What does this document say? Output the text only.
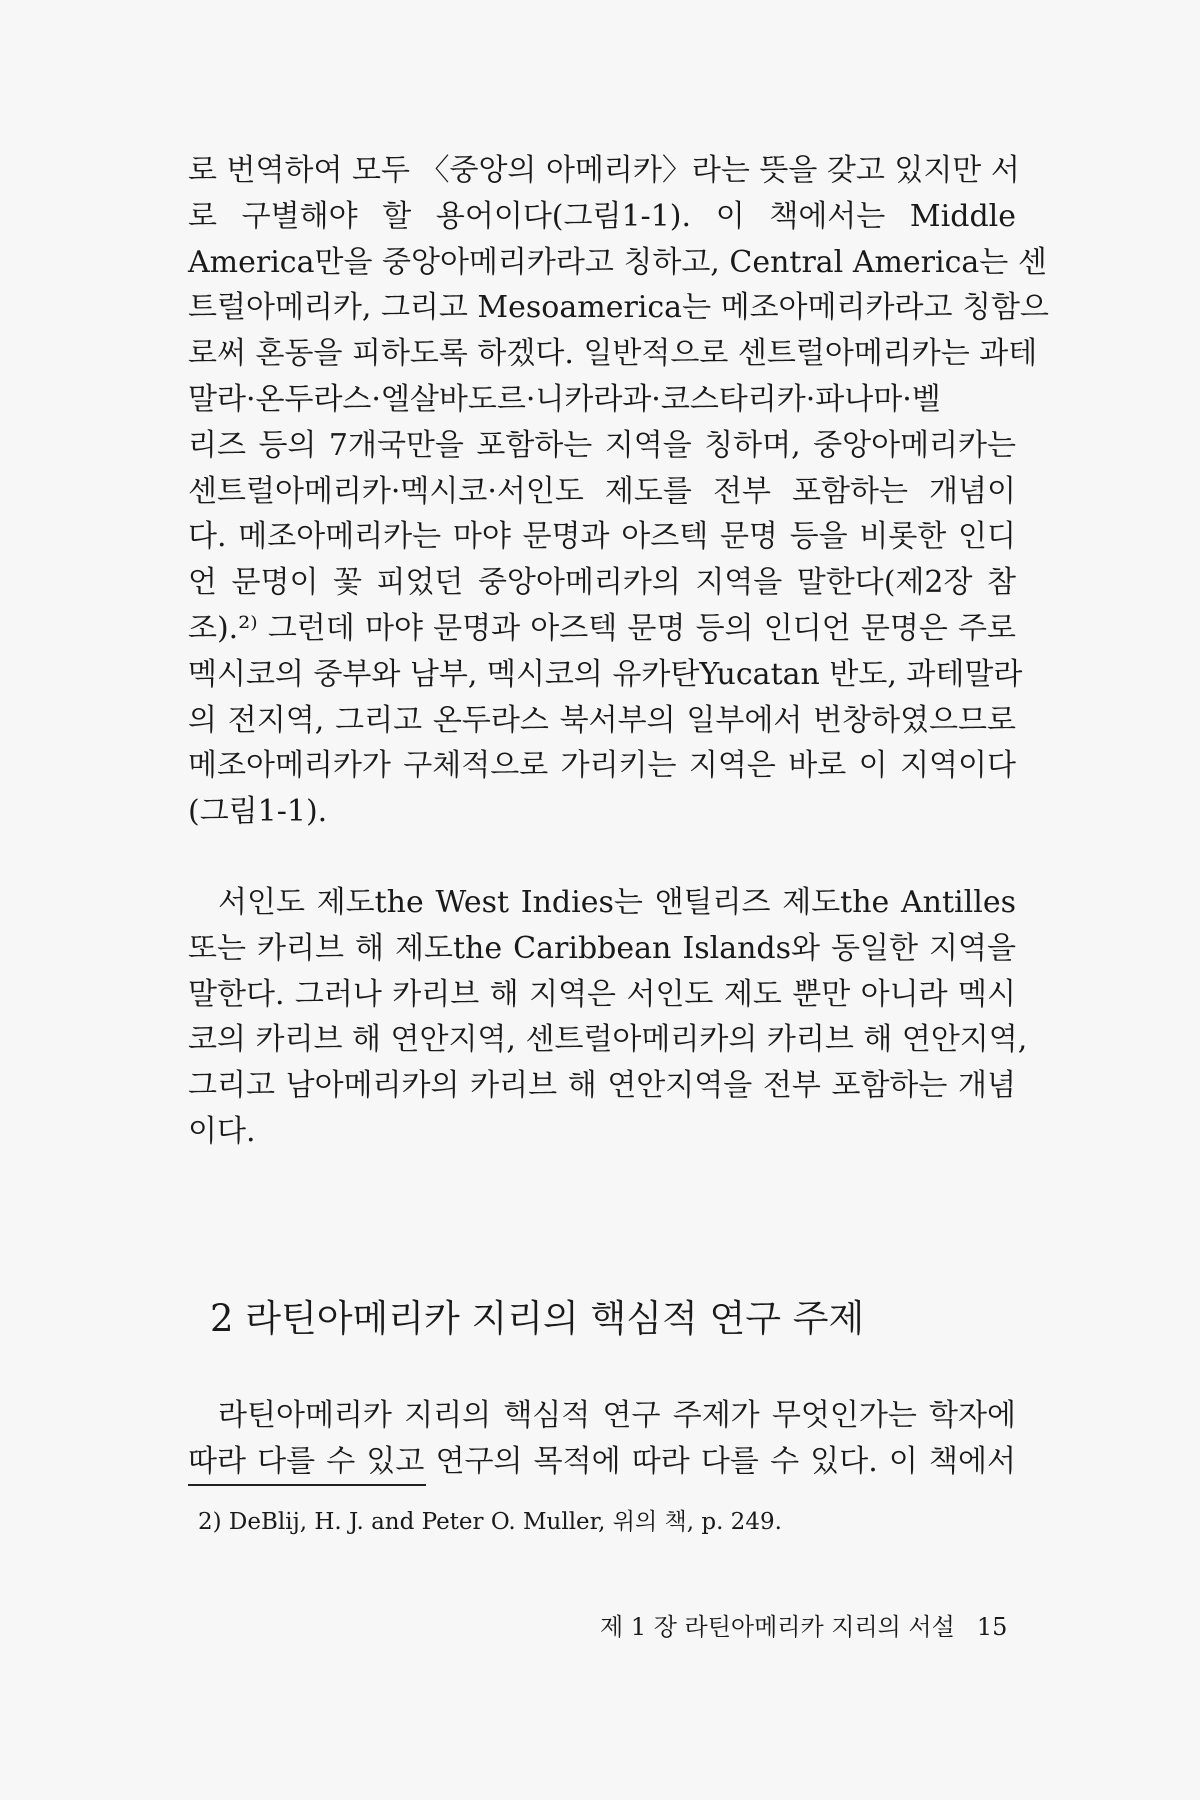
로 번역하여 모두 〈중앙의 아메리카〉라는 뜻을 갖고 있지만 서
로 구별해야 할 용어이다(그림1-1). 이 책에서는 Middle
America만을 중앙아메리카라고 칭하고, Central America는 센
트럴아메리카, 그리고 Mesoamerica는 메조아메리카라고 칭함으
로써 혼동을 피하도록 하겠다. 일반적으로 센트럴아메리카는 과테
말라·온두라스·엘살바도르·니카라과·코스타리카·파나마·벨
리즈 등의 7개국만을 포함하는 지역을 칭하며, 중앙아메리카는
센트럴아메리카·멕시코·서인도 제도를 전부 포함하는 개념이
다. 메조아메리카는 마야 문명과 아즈텍 문명 등을 비롯한 인디
언 문명이 꽃 피었던 중앙아메리카의 지역을 말한다(제2장 참
조).²⁾ 그런데 마야 문명과 아즈텍 문명 등의 인디언 문명은 주로
멕시코의 중부와 남부, 멕시코의 유카탄Yucatan 반도, 과테말라
의 전지역, 그리고 온두라스 북서부의 일부에서 번창하였으므로
메조아메리카가 구체적으로 가리키는 지역은 바로 이 지역이다
(그림1-1).
서인도 제도the West Indies는 앤틸리즈 제도the Antilles
또는 카리브 해 제도the Caribbean Islands와 동일한 지역을
말한다. 그러나 카리브 해 지역은 서인도 제도 뿐만 아니라 멕시
코의 카리브 해 연안지역, 센트럴아메리카의 카리브 해 연안지역,
그리고 남아메리카의 카리브 해 연안지역을 전부 포함하는 개념
이다.
2 라틴아메리카 지리의 핵심적 연구 주제
라틴아메리카 지리의 핵심적 연구 주제가 무엇인가는 학자에
따라 다를 수 있고 연구의 목적에 따라 다를 수 있다. 이 책에서
2) DeBlij, H. J. and Peter O. Muller, 위의 책, p. 249.
제 1 장 라틴아메리카 지리의 서설 15
